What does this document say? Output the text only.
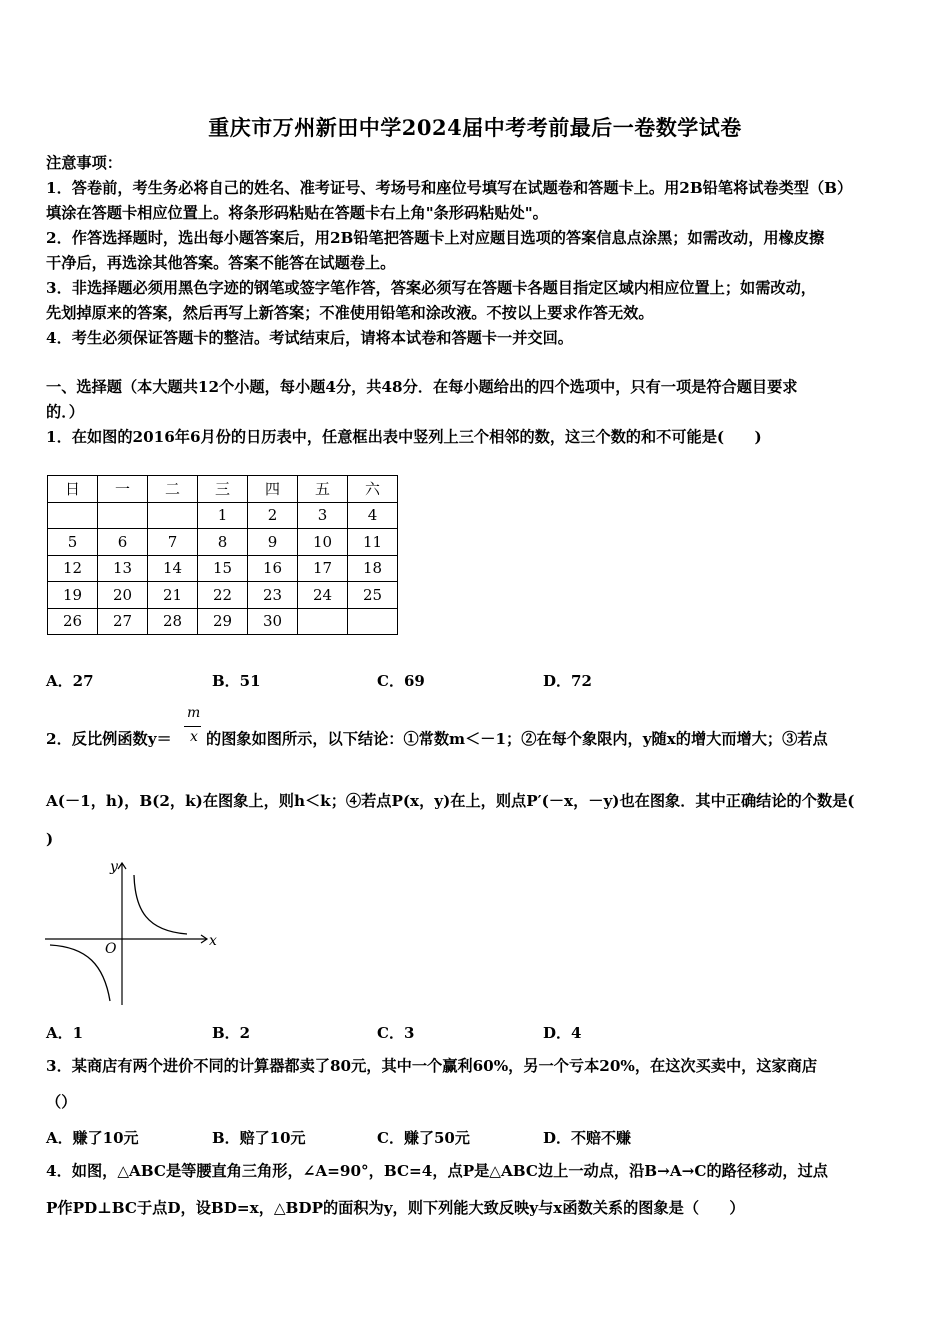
重庆市万州新田中学2024届中考考前最后一卷数学试卷
注意事项：
1．答卷前，考生务必将自己的姓名、准考证号、考场号和座位号填写在试题卷和答题卡上。用2B铅笔将试卷类型（B）
填涂在答题卡相应位置上。将条形码粘贴在答题卡右上角"条形码粘贴处"。
2．作答选择题时，选出每小题答案后，用2B铅笔把答题卡上对应题目选项的答案信息点涂黑；如需改动，用橡皮擦
干净后，再选涂其他答案。答案不能答在试题卷上。
3．非选择题必须用黑色字迹的钢笔或签字笔作答，答案必须写在答题卡各题目指定区域内相应位置上；如需改动，
先划掉原来的答案，然后再写上新答案；不准使用铅笔和涂改液。不按以上要求作答无效。
4．考生必须保证答题卡的整洁。考试结束后，请将本试卷和答题卡一并交回。
一、选择题（本大题共12个小题，每小题4分，共48分．在每小题给出的四个选项中，只有一项是符合题目要求
的．）
1．在如图的2016年6月份的日历表中，任意框出表中竖列上三个相邻的数，这三个数的和不可能是(　　)
日	一	二	三	四	五	六
			1	2	3	4
5	6	7	8	9	10	11
12	13	14	15	16	17	18
19	20	21	22	23	24	25
26	27	28	29	30		
A．27	B．51	C．69	D．72
2．反比例函数y＝
m
x 的图象如图所示，以下结论：①常数m＜－1；②在每个象限内，y随x的增大而增大；③若点
A(－1，h)，B(2，k)在图象上，则h＜k；④若点P(x，y)在上，则点P′(－x，－y)也在图象．其中正确结论的个数是(
)
y
x
O
A．1	B．2	C．3	D．4
3．某商店有两个进价不同的计算器都卖了80元，其中一个赢利60%，另一个亏本20%，在这次买卖中，这家商店
（）
A．赚了10元	B．赔了10元	C．赚了50元	D．不赔不赚
4．如图，△ABC是等腰直角三角形，∠A=90°，BC=4，点P是△ABC边上一动点，沿B→A→C的路径移动，过点
P作PD⊥BC于点D，设BD=x，△BDP的面积为y，则下列能大致反映y与x函数关系的图象是（　　）
